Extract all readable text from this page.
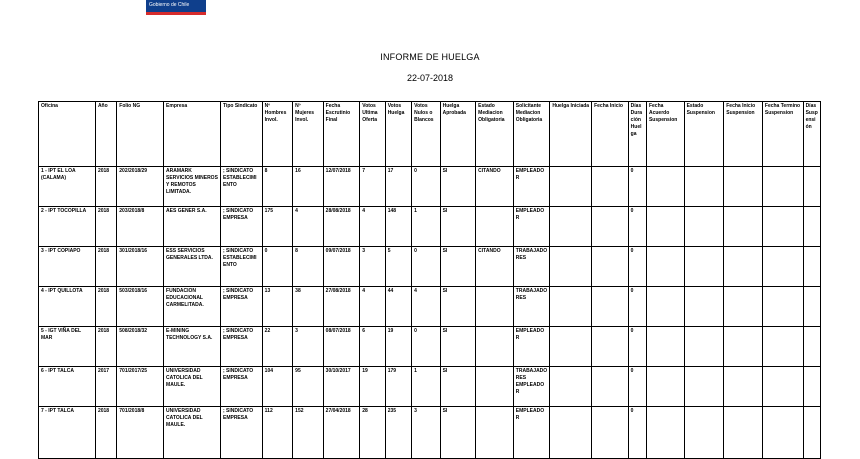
Gobierno de Chile
INFORME DE HUELGA
22-07-2018
Oficina	Año	Folio NG	Empresa	Tipo Sindicato	Nº Hombres Invol.	Nº Mujeres Invol.	Fecha Escrutinio Final	Votos Ultima Oferta	Votos Huelga	Votos Nulos o Blancos	Huelga Aprobada	Estado Mediacion Obligatoria	Solicitante Mediacion Obligatoria	Huelga Iniciada	Fecha Inicio	Días Duración Huelga	Fecha Acuerdo Suspension	Estado Suspension	Fecha Inicio Suspension	Fecha Termino Suspension	Días Suspensión
1 - IPT EL LOA (CALAMA)	2018	202/2018/29	ARAMARK SERVICIOS MINEROS Y REMOTOS LIMITADA.	; SINDICATO ESTABLECIMIENTO	8	16	12/07/2018	7	17	0	SI	CITANDO	EMPLEADOR			0					
2 - IPT TOCOPILLA	2018	203/2018/8	AES GENER S.A.	; SINDICATO EMPRESA	175	4	28/08/2018	4	148	1	SI		EMPLEADOR			0					
3 - IPT COPIAPO	2018	301/2018/16	ESS SERVICIOS GENERALES LTDA.	; SINDICATO ESTABLECIMIENTO	0	8	09/07/2018	3	5	0	SI	CITANDO	TRABAJADORES			0					
4 - IPT QUILLOTA	2018	503/2018/16	FUNDACION EDUCACIONAL CARMELITADA.	; SINDICATO EMPRESA	13	38	27/08/2018	4	44	4	SI		TRABAJADORES			0					
5 - IGT VIÑA DEL MAR	2018	508/2018/32	E-MINING TECHNOLOGY S.A.	; SINDICATO EMPRESA	22	3	08/07/2018	6	19	0	SI		EMPLEADOR			0					
6 - IPT TALCA	2017	701/2017/25	UNIVERSIDAD CATOLICA DEL MAULE.	; SINDICATO EMPRESA	104	95	30/10/2017	19	179	1	SI		TRABAJADORES EMPLEADOR			0					
7 - IPT TALCA	2018	701/2018/8	UNIVERSIDAD CATOLICA DEL MAULE.	; SINDICATO EMPRESA	112	152	27/04/2018	28	235	3	SI		EMPLEADOR			0					
